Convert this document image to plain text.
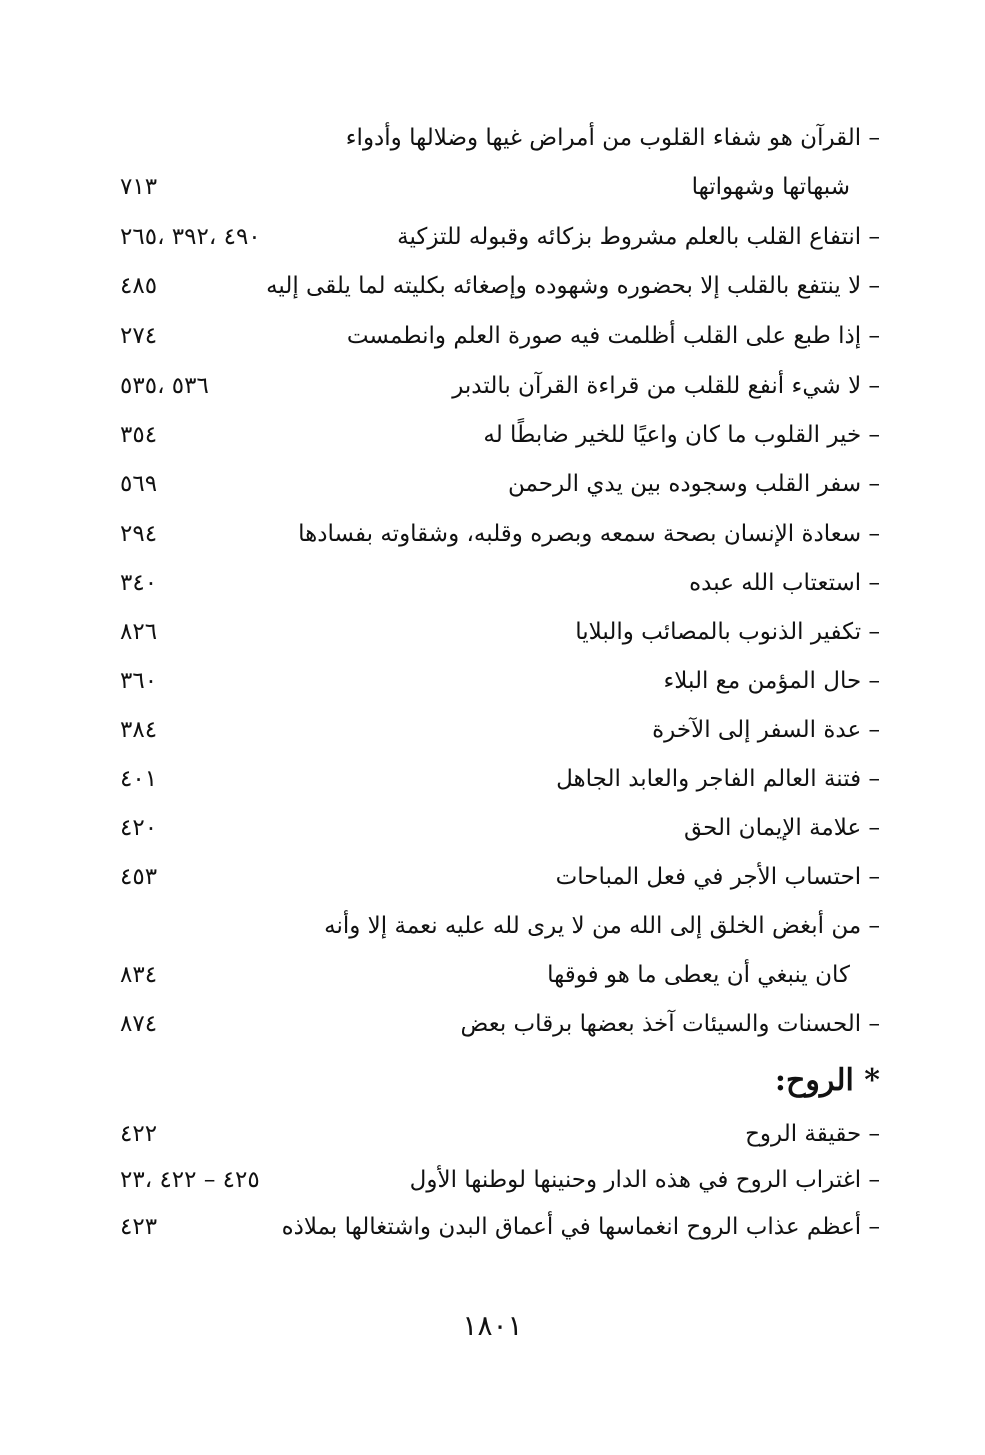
– القرآن هو شفاء القلوب من أمراض غيها وضلالها وأدواء
شبهاتها وشهواتها
٧١٣
– انتفاع القلب بالعلم مشروط بزكائه وقبوله للتزكية
٤٩٠ ،٣٩٢ ،٢٦٥
– لا ينتفع بالقلب إلا بحضوره وشهوده وإصغائه بكليته لما يلقى إليه
٤٨٥
– إذا طبع على القلب أظلمت فيه صورة العلم وانطمست
٢٧٤
– لا شيء أنفع للقلب من قراءة القرآن بالتدبر
٥٣٦ ،٥٣٥
– خير القلوب ما كان واعيًا للخير ضابطًا له
٣٥٤
– سفر القلب وسجوده بين يدي الرحمن
٥٦٩
– سعادة الإنسان بصحة سمعه وبصره وقلبه، وشقاوته بفسادها
٢٩٤
– استعتاب الله عبده
٣٤٠
– تكفير الذنوب بالمصائب والبلايا
٨٢٦
– حال المؤمن مع البلاء
٣٦٠
– عدة السفر إلى الآخرة
٣٨٤
– فتنة العالم الفاجر والعابد الجاهل
٤٠١
– علامة الإيمان الحق
٤٢٠
– احتساب الأجر في فعل المباحات
٤٥٣
– من أبغض الخلق إلى الله من لا يرى لله عليه نعمة إلا وأنه
كان ينبغي أن يعطى ما هو فوقها
٨٣٤
– الحسنات والسيئات آخذ بعضها برقاب بعض
٨٧٤
* الروح:
– حقيقة الروح
٤٢٢
– اغتراب الروح في هذه الدار وحنينها لوطنها الأول
٤٢٥ – ٤٢٢ ،٢٣
– أعظم عذاب الروح انغماسها في أعماق البدن واشتغالها بملاذه
٤٢٣
١٨٠١
